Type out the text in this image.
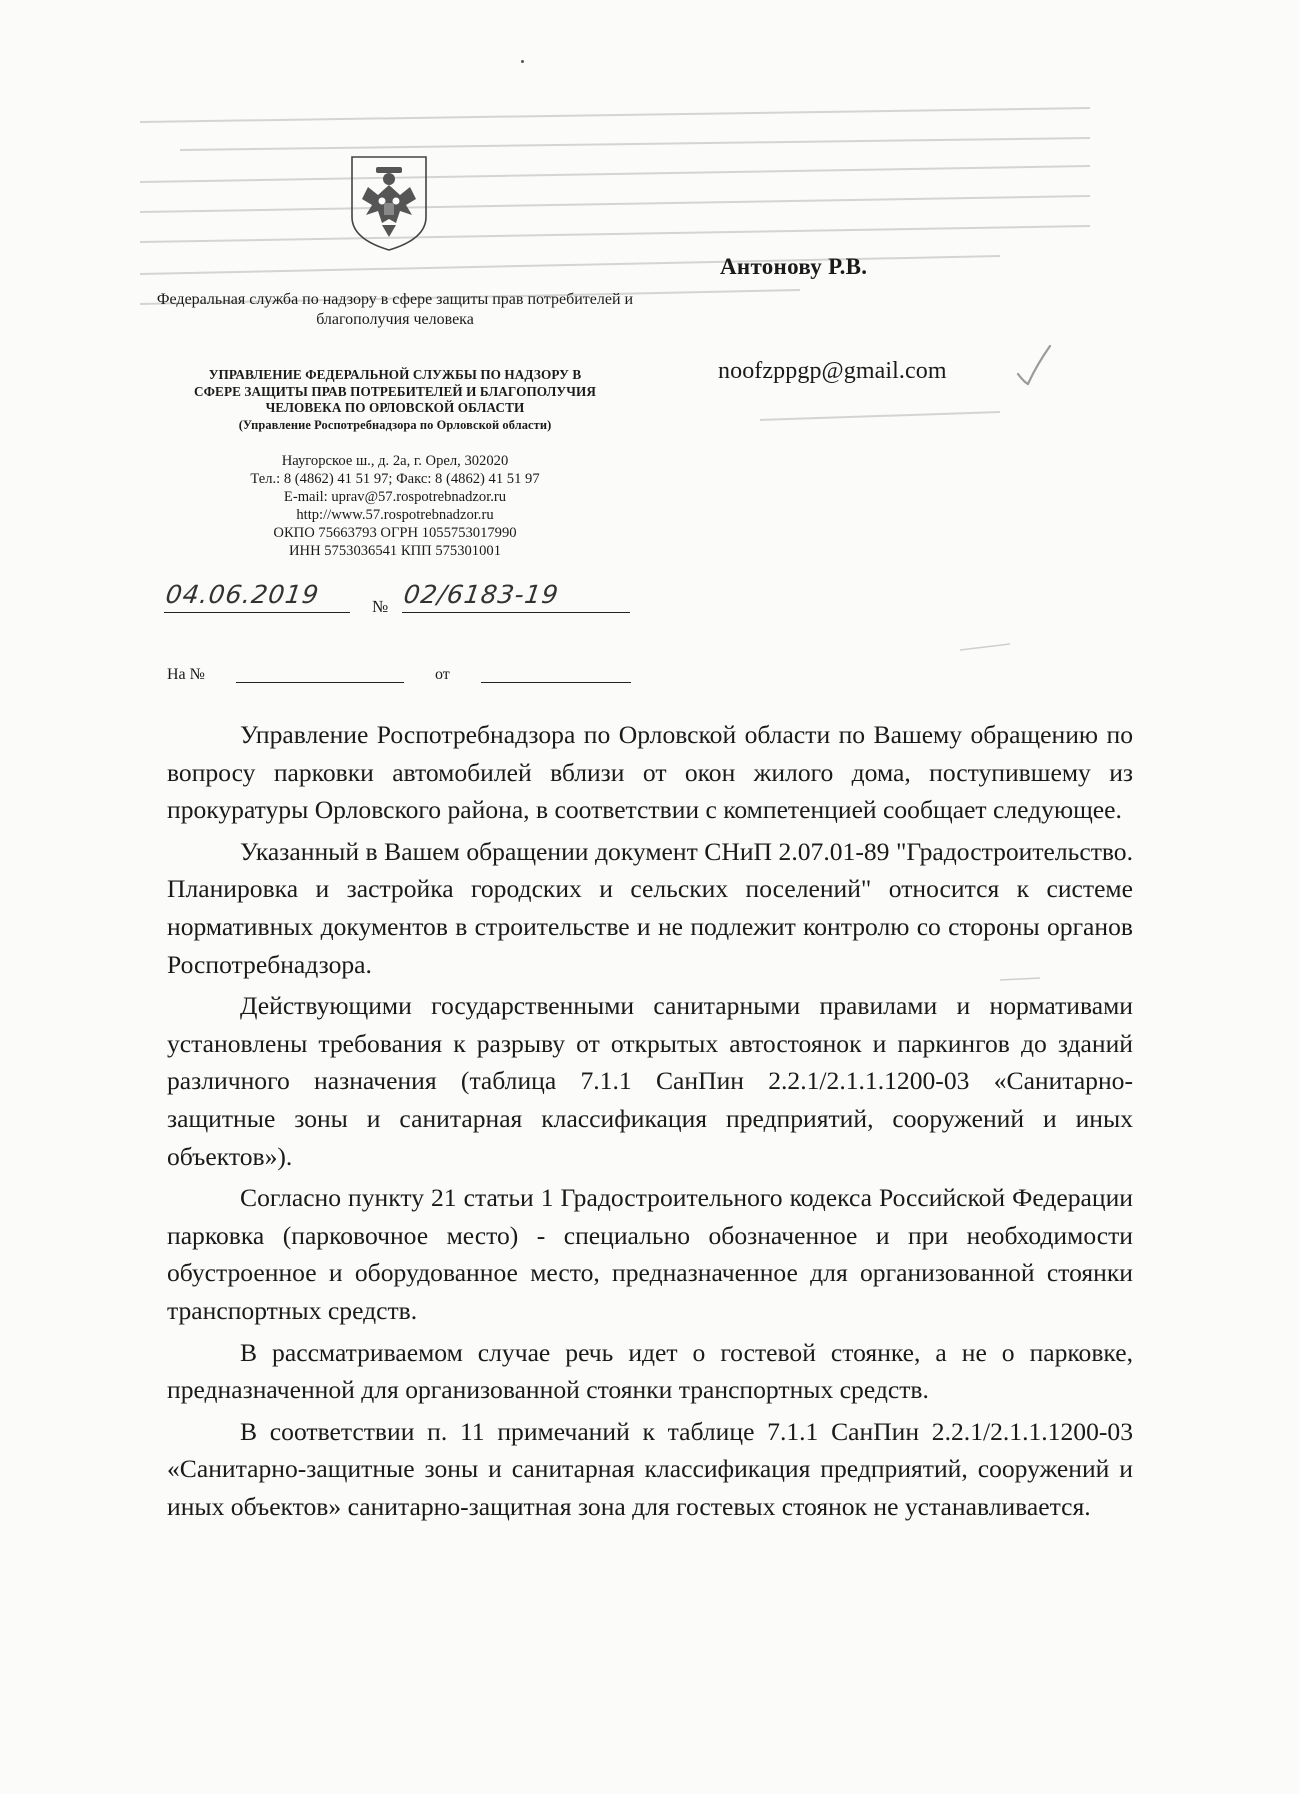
Федеральная служба по надзору в сфере защиты прав потребителей и благополучия человека
УПРАВЛЕНИЕ ФЕДЕРАЛЬНОЙ СЛУЖБЫ ПО НАДЗОРУ В
СФЕРЕ ЗАЩИТЫ ПРАВ ПОТРЕБИТЕЛЕЙ И БЛАГОПОЛУЧИЯ
ЧЕЛОВЕКА ПО ОРЛОВСКОЙ ОБЛАСТИ
(Управление Роспотребнадзора по Орловской области)
Наугорское ш., д. 2а, г. Орел, 302020
Тел.: 8 (4862) 41 51 97; Факс: 8 (4862) 41 51 97
E-mail: uprav@57.rospotrebnadzor.ru
http://www.57.rospotrebnadzor.ru
ОКПО 75663793 ОГРН 1055753017990
ИНН 5753036541 КПП 575301001
Антонову Р.В.
noofzppgp@gmail.com
04.06.2019	№ 02/6183-19
На №	от

Управление Роспотребнадзора по Орловской области по Вашему обращению по вопросу парковки автомобилей вблизи от окон жилого дома, поступившему из прокуратуры Орловского района, в соответствии с компетенцией сообщает следующее.

Указанный в Вашем обращении документ СНиП 2.07.01-89 "Градостроительство. Планировка и застройка городских и сельских поселений" относится к системе нормативных документов в строительстве и не подлежит контролю со стороны органов Роспотребнадзора.

Действующими государственными санитарными правилами и нормативами установлены требования к разрыву от открытых автостоянок и паркингов до зданий различного назначения (таблица 7.1.1 СанПин 2.2.1/2.1.1.1200-03 «Санитарно-защитные зоны и санитарная классификация предприятий, сооружений и иных объектов»).

Согласно пункту 21 статьи 1 Градостроительного кодекса Российской Федерации парковка (парковочное место) - специально обозначенное и при необходимости обустроенное и оборудованное место, предназначенное для организованной стоянки транспортных средств.

В рассматриваемом случае речь идет о гостевой стоянке, а не о парковке, предназначенной для организованной стоянки транспортных средств.

В соответствии п. 11 примечаний к таблице 7.1.1 СанПин 2.2.1/2.1.1.1200-03 «Санитарно-защитные зоны и санитарная классификация предприятий, сооружений и иных объектов» санитарно-защитная зона для гостевых стоянок не устанавливается.
